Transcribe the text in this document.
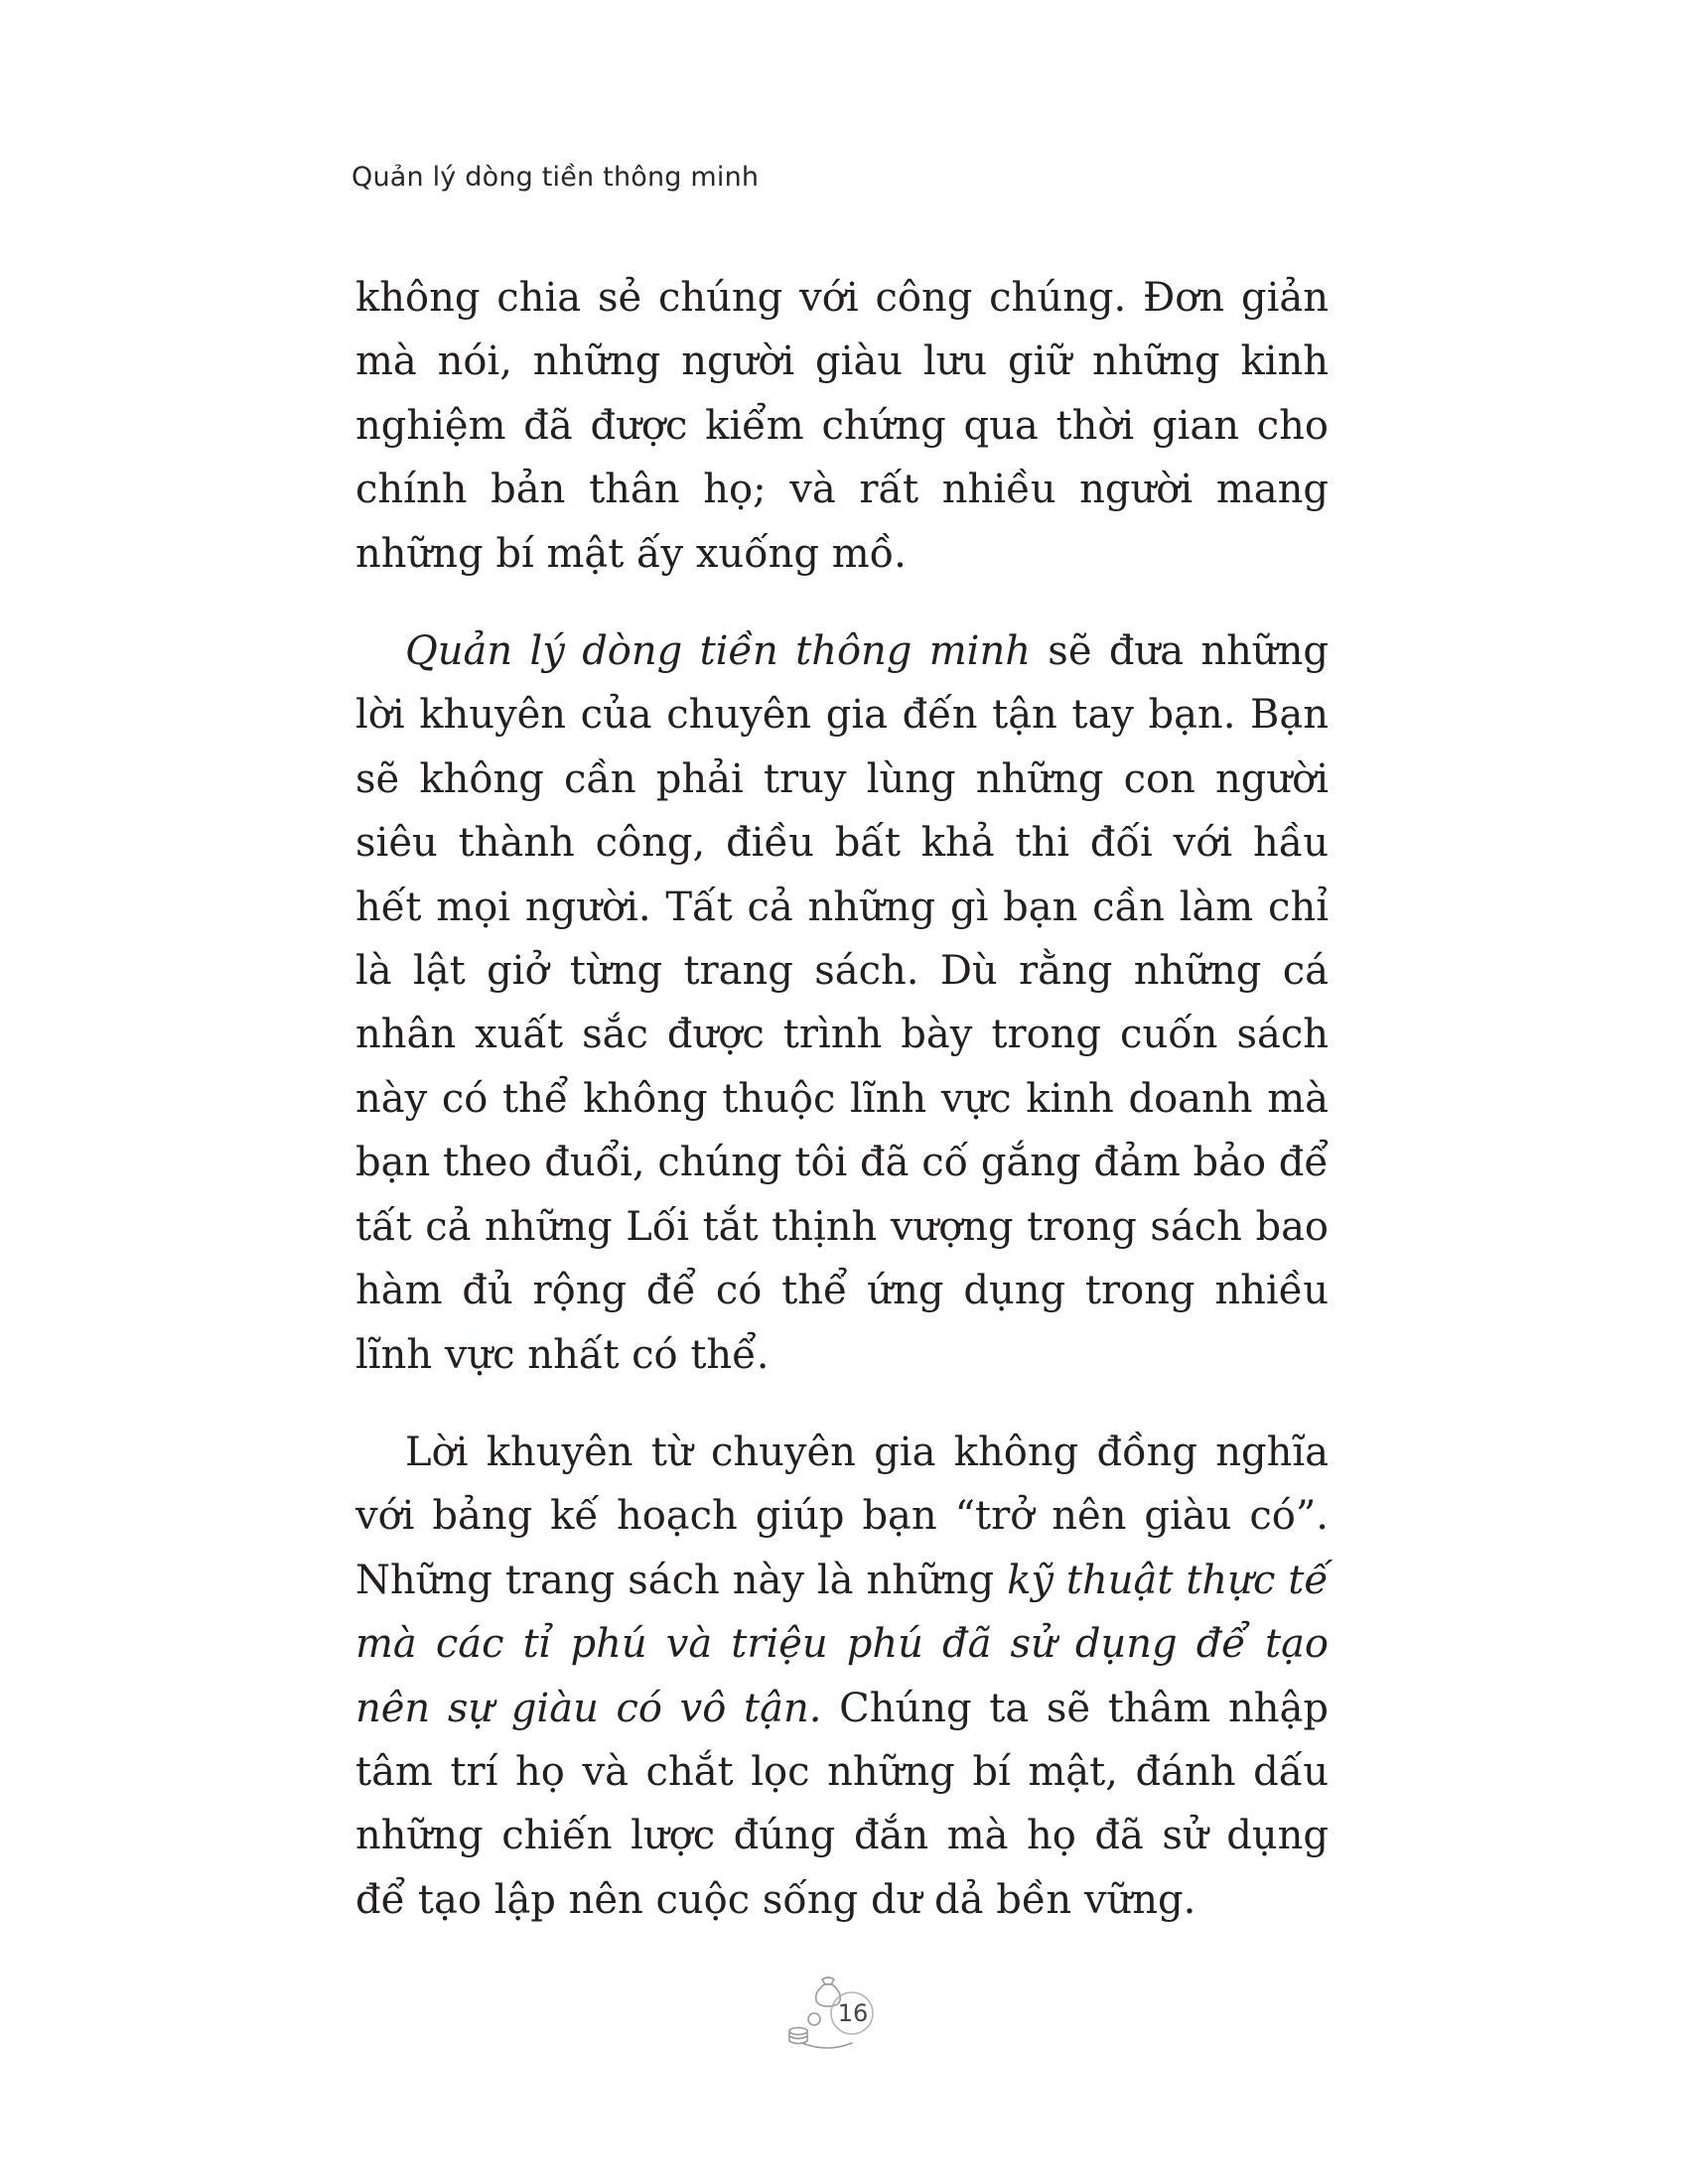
Quản lý dòng tiền thông minh

không chia sẻ chúng với công chúng. Đơn giản mà nói, những người giàu lưu giữ những kinh nghiệm đã được kiểm chứng qua thời gian cho chính bản thân họ; và rất nhiều người mang những bí mật ấy xuống mồ.

Quản lý dòng tiền thông minh sẽ đưa những lời khuyên của chuyên gia đến tận tay bạn. Bạn sẽ không cần phải truy lùng những con người siêu thành công, điều bất khả thi đối với hầu hết mọi người. Tất cả những gì bạn cần làm chỉ là lật giở từng trang sách. Dù rằng những cá nhân xuất sắc được trình bày trong cuốn sách này có thể không thuộc lĩnh vực kinh doanh mà bạn theo đuổi, chúng tôi đã cố gắng đảm bảo để tất cả những Lối tắt thịnh vượng trong sách bao hàm đủ rộng để có thể ứng dụng trong nhiều lĩnh vực nhất có thể.

Lời khuyên từ chuyên gia không đồng nghĩa với bảng kế hoạch giúp bạn “trở nên giàu có”. Những trang sách này là những kỹ thuật thực tế mà các tỉ phú và triệu phú đã sử dụng để tạo nên sự giàu có vô tận. Chúng ta sẽ thâm nhập tâm trí họ và chắt lọc những bí mật, đánh dấu những chiến lược đúng đắn mà họ đã sử dụng để tạo lập nên cuộc sống dư dả bền vững.

16
